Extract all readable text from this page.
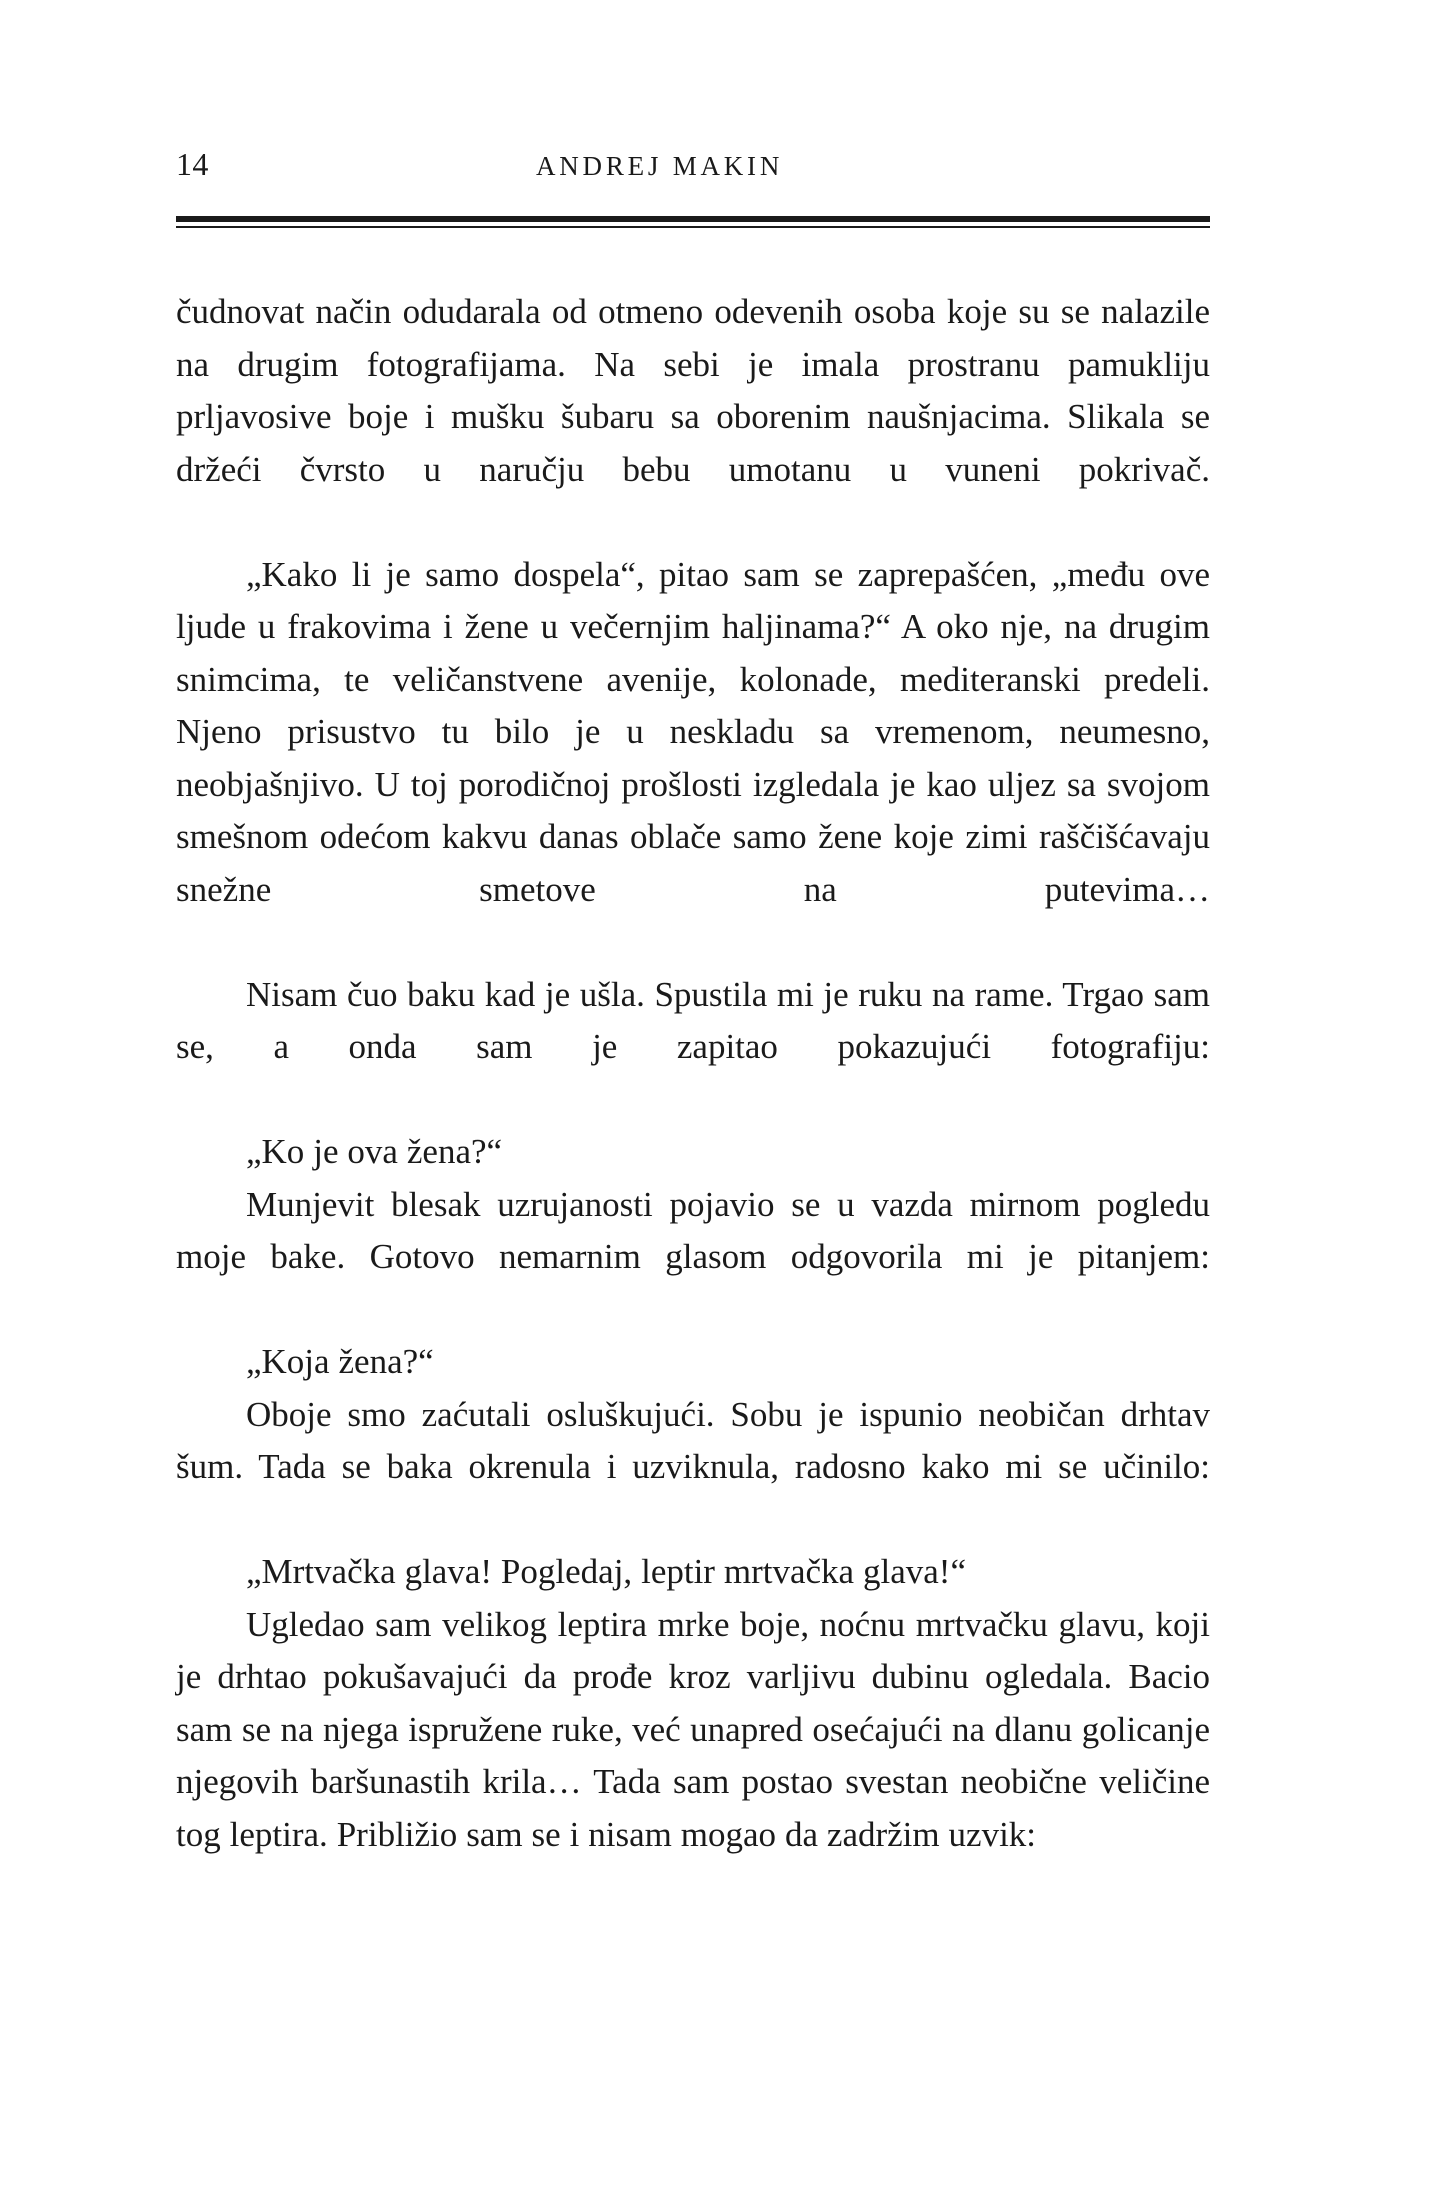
14	ANDREJ MAKIN

čudnovat način odudarala od otmeno odevenih osoba koje su se nalazile na drugim fotografijama. Na sebi je imala prostranu pamukliju prljavosive boje i mušku šubaru sa oborenim naušnjacima. Slikala se držeći čvrsto u naručju bebu umotanu u vuneni pokrivač.

„Kako li je samo dospela“, pitao sam se zaprepašćen, „među ove ljude u frakovima i žene u večernjim haljinama?“ A oko nje, na drugim snimcima, te veličanstvene avenije, kolonade, mediteranski predeli. Njeno prisustvo tu bilo je u neskladu sa vremenom, neumesno, neobjašnjivo. U toj porodičnoj prošlosti izgledala je kao uljez sa svojom smešnom odećom kakvu danas oblače samo žene koje zimi raščišćavaju snežne smetove na putevima…

Nisam čuo baku kad je ušla. Spustila mi je ruku na rame. Trgao sam se, a onda sam je zapitao pokazujući fotografiju:

„Ko je ova žena?“

Munjevit blesak uzrujanosti pojavio se u vazda mirnom pogledu moje bake. Gotovo nemarnim glasom odgovorila mi je pitanjem:

„Koja žena?“

Oboje smo zaćutali osluškujući. Sobu je ispunio neobičan drhtav šum. Tada se baka okrenula i uzviknula, radosno kako mi se učinilo:

„Mrtvačka glava! Pogledaj, leptir mrtvačka glava!“

Ugledao sam velikog leptira mrke boje, noćnu mrtvačku glavu, koji je drhtao pokušavajući da prođe kroz varljivu dubinu ogledala. Bacio sam se na njega ispružene ruke, već unapred osećajući na dlanu golicanje njegovih baršunastih krila… Tada sam postao svestan neobične veličine tog leptira. Približio sam se i nisam mogao da zadržim uzvik:
